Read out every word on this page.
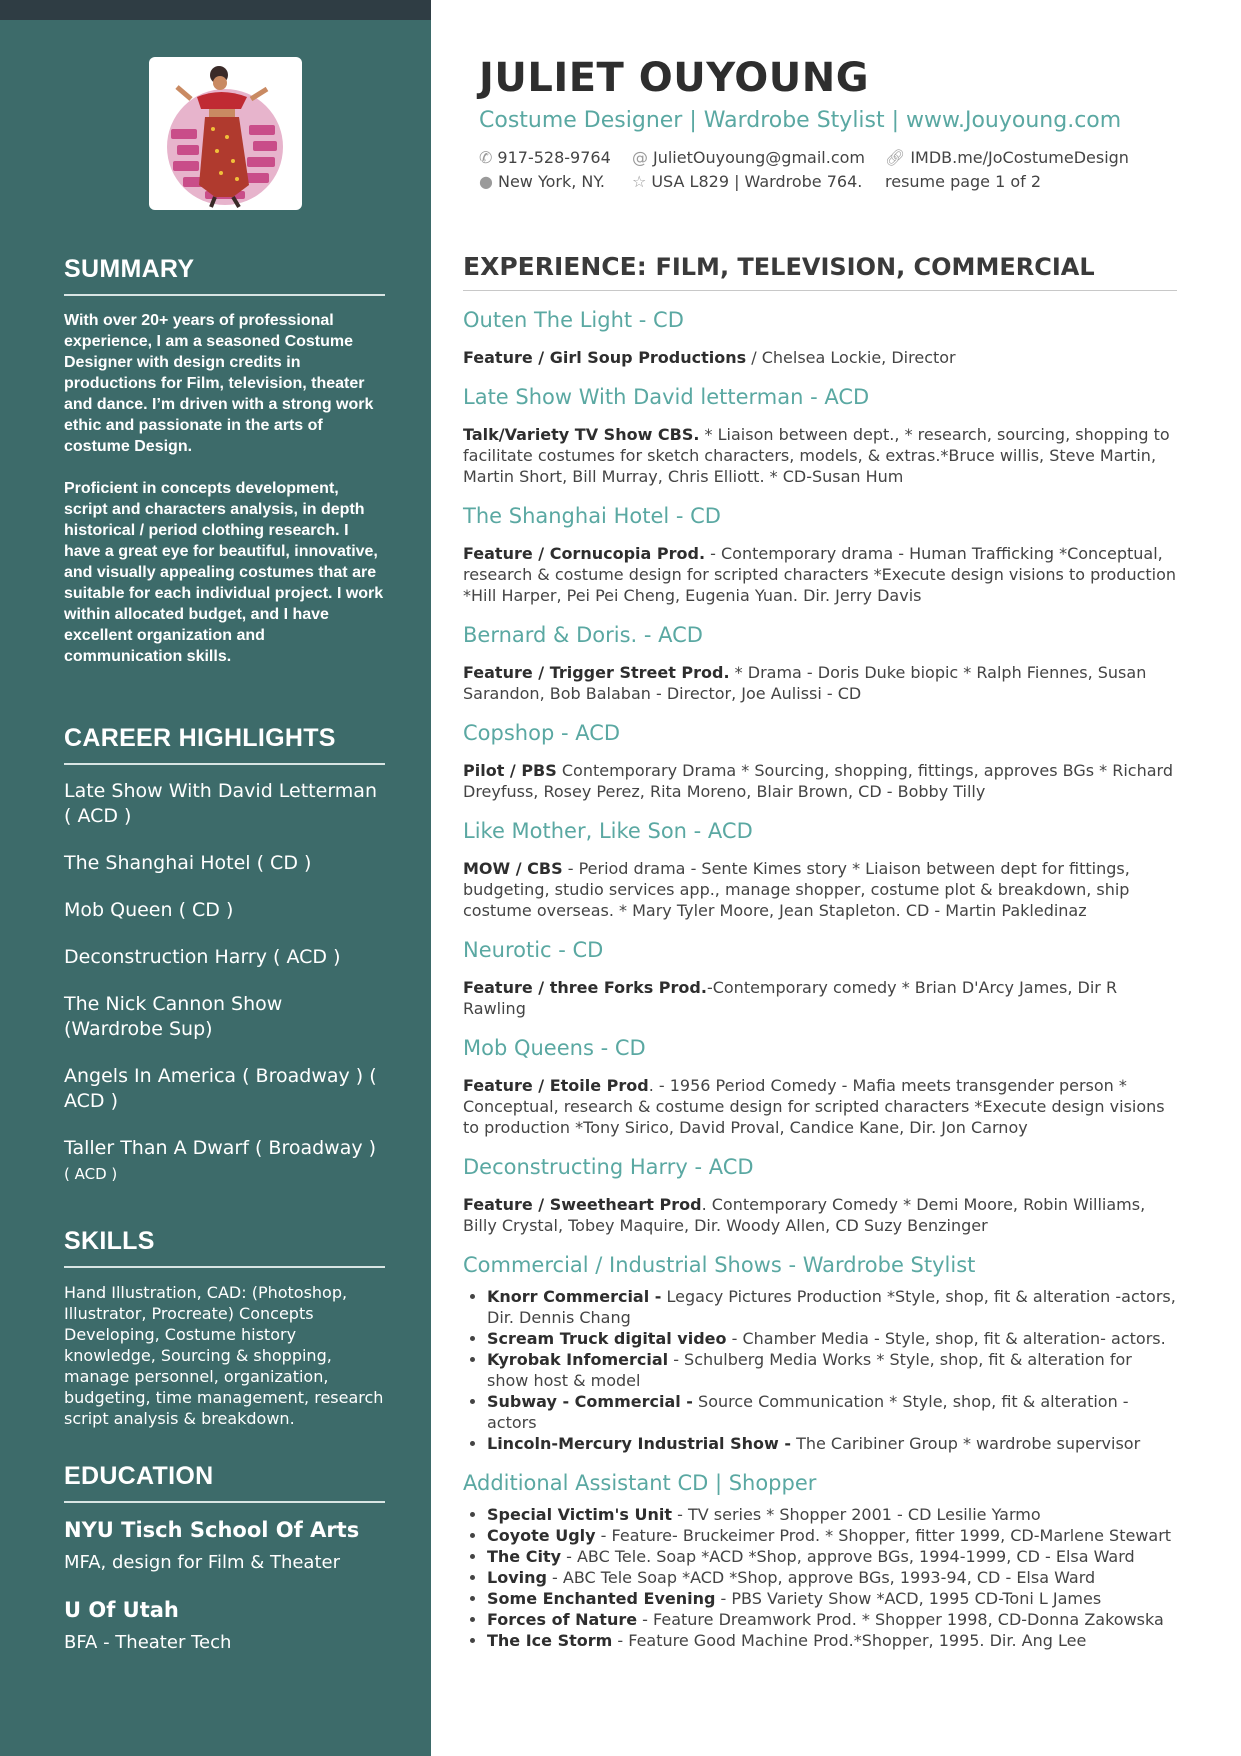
SUMMARY

With over 20+ years of professional experience, I am a seasoned Costume Designer with design credits in productions for Film, television, theater and dance. I’m driven with a strong work ethic and passionate in the arts of costume Design.

Proficient in concepts development, script and characters analysis, in depth historical / period clothing research. I have a great eye for beautiful, innovative, and visually appealing costumes that are suitable for each individual project. I work within allocated budget, and I have excellent organization and communication skills.

CAREER HIGHLIGHTS
Late Show With David Letterman ( ACD )
The Shanghai Hotel ( CD )
Mob Queen ( CD )
Deconstruction Harry ( ACD )
The Nick Cannon Show (Wardrobe Sup)
Angels In America ( Broadway ) ( ACD )
Taller Than A Dwarf ( Broadway )
( ACD )
SKILLS
Hand Illustration, CAD: (Photoshop, Illustrator, Procreate) Concepts Developing, Costume history knowledge, Sourcing & shopping, manage personnel, organization, budgeting, time management, research script analysis & breakdown.
EDUCATION
NYU Tisch School Of Arts
MFA, design for Film & Theater
U Of Utah
BFA - Theater Tech
JULIET OUYOUNG
Costume Designer | Wardrobe Stylist | www.Jouyoung.com
✆ 917-528-9764	@ JulietOuyoung@gmail.com	🔗︎ IMDB.me/JoCostumeDesign
● New York, NY.	☆ USA L829 | Wardrobe 764.	resume page 1 of 2
EXPERIENCE: FILM, TELEVISION, COMMERCIAL
Outen The Light - CD

Feature / Girl Soup Productions / Chelsea Lockie, Director

Late Show With David letterman - ACD

Talk/Variety TV Show CBS. * Liaison between dept., * research, sourcing, shopping to facilitate costumes for sketch characters, models, & extras.*Bruce willis, Steve Martin, Martin Short, Bill Murray, Chris Elliott. * CD-Susan Hum

The Shanghai Hotel - CD

Feature / Cornucopia Prod. - Contemporary drama - Human Trafficking *Conceptual, research & costume design for scripted characters *Execute design visions to production *Hill Harper, Pei Pei Cheng, Eugenia Yuan. Dir. Jerry Davis

Bernard & Doris. - ACD

Feature / Trigger Street Prod. * Drama - Doris Duke biopic * Ralph Fiennes, Susan Sarandon, Bob Balaban - Director, Joe Aulissi - CD

Copshop - ACD

Pilot / PBS Contemporary Drama * Sourcing, shopping, fittings, approves BGs * Richard Dreyfuss, Rosey Perez, Rita Moreno, Blair Brown, CD - Bobby Tilly

Like Mother, Like Son - ACD

MOW / CBS - Period drama - Sente Kimes story * Liaison between dept for fittings, budgeting, studio services app., manage shopper, costume plot & breakdown, ship costume overseas. * Mary Tyler Moore, Jean Stapleton. CD - Martin Pakledinaz

Neurotic - CD

Feature / three Forks Prod.-Contemporary comedy * Brian D'Arcy James, Dir R Rawling

Mob Queens - CD

Feature / Etoile Prod. - 1956 Period Comedy - Mafia meets transgender person * Conceptual, research & costume design for scripted characters *Execute design visions to production *Tony Sirico, David Proval, Candice Kane, Dir. Jon Carnoy

Deconstructing Harry - ACD

Feature / Sweetheart Prod. Contemporary Comedy * Demi Moore, Robin Williams, Billy Crystal, Tobey Maquire, Dir. Woody Allen, CD Suzy Benzinger

Commercial / Industrial Shows - Wardrobe Stylist
• Knorr Commercial - Legacy Pictures Production *Style, shop, fit & alteration -actors, Dir. Dennis Chang
• Scream Truck digital video - Chamber Media - Style, shop, fit & alteration- actors.
• Kyrobak Infomercial - Schulberg Media Works * Style, shop, fit & alteration for show host & model
• Subway - Commercial - Source Communication * Style, shop, fit & alteration -actors
• Lincoln-Mercury Industrial Show - The Caribiner Group * wardrobe supervisor
Additional Assistant CD | Shopper
• Special Victim's Unit - TV series * Shopper 2001 - CD Lesilie Yarmo
• Coyote Ugly - Feature- Bruckeimer Prod. * Shopper, fitter 1999, CD-Marlene Stewart
• The City - ABC Tele. Soap *ACD *Shop, approve BGs, 1994-1999, CD - Elsa Ward
• Loving - ABC Tele Soap *ACD *Shop, approve BGs, 1993-94, CD - Elsa Ward
• Some Enchanted Evening - PBS Variety Show *ACD, 1995 CD-Toni L James
• Forces of Nature - Feature Dreamwork Prod. * Shopper 1998, CD-Donna Zakowska
• The Ice Storm - Feature Good Machine Prod.*Shopper, 1995. Dir. Ang Lee
